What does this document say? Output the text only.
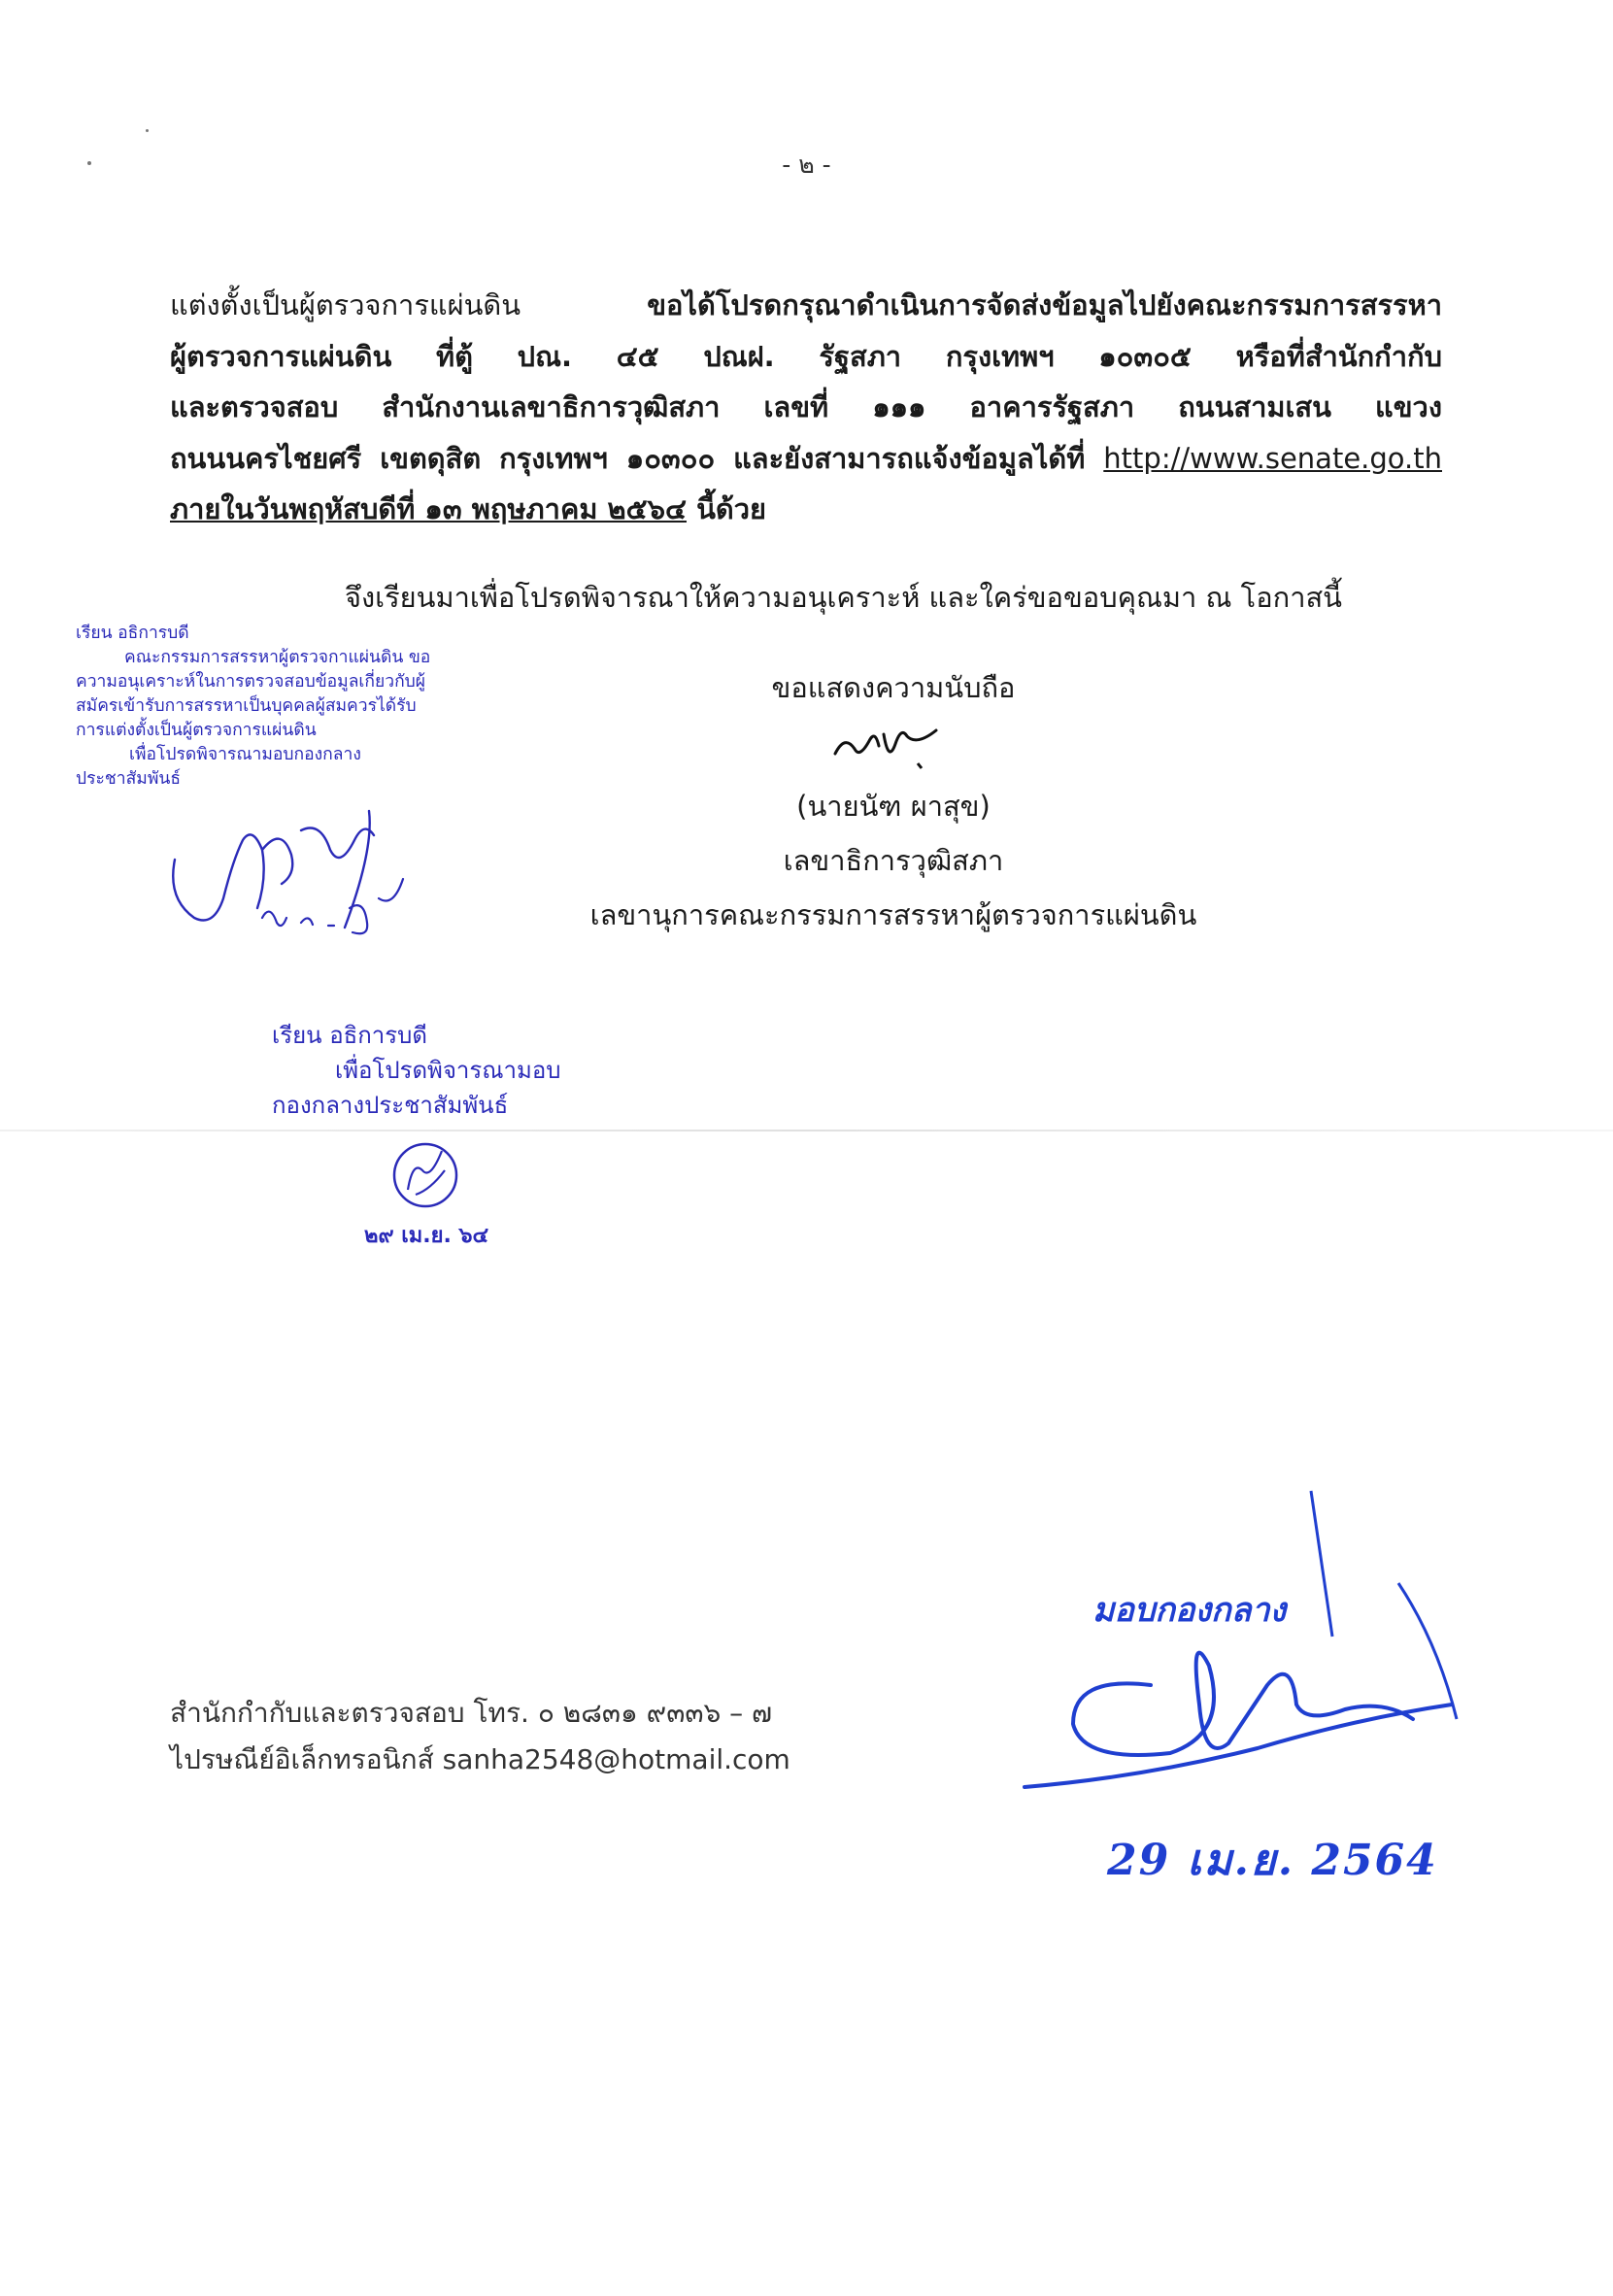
- ๒ -
แต่งตั้งเป็นผู้ตรวจการแผ่นดิน ขอได้โปรดกรุณาดำเนินการจัดส่งข้อมูลไปยังคณะกรรมการสรรหา
ผู้ตรวจการแผ่นดิน ที่ตู้ ปณ. ๔๕ ปณฝ. รัฐสภา กรุงเทพฯ ๑๐๓๐๕ หรือที่สำนักกำกับ
และตรวจสอบ สำนักงานเลขาธิการวุฒิสภา เลขที่ ๑๑๑ อาคารรัฐสภา ถนนสามเสน แขวง
ถนนนครไชยศรี เขตดุสิต กรุงเทพฯ ๑๐๓๐๐ และยังสามารถแจ้งข้อมูลได้ที่ http://www.senate.go.th
ภายในวันพฤหัสบดีที่ ๑๓ พฤษภาคม ๒๕๖๔ นี้ด้วย
จึงเรียนมาเพื่อโปรดพิจารณาให้ความอนุเคราะห์ และใคร่ขอขอบคุณมา ณ โอกาสนี้
ขอแสดงความนับถือ
(นายนัฑ ผาสุข)
เลขาธิการวุฒิสภา
เลขานุการคณะกรรมการสรรหาผู้ตรวจการแผ่นดิน
เรียน อธิการบดี
คณะกรรมการสรรหาผู้ตรวจกาแผ่นดิน ขอ
ความอนุเคราะห์ในการตรวจสอบข้อมูลเกี่ยวกับผู้
สมัครเข้ารับการสรรหาเป็นบุคคลผู้สมควรได้รับ
การแต่งตั้งเป็นผู้ตรวจการแผ่นดิน
เพื่อโปรดพิจารณามอบกองกลาง
ประชาสัมพันธ์
เรียน อธิการบดี
เพื่อโปรดพิจารณามอบ
กองกลางประชาสัมพันธ์
๒๙ เม.ย. ๖๔
สำนักกำกับและตรวจสอบ โทร. ๐ ๒๘๓๑ ๙๓๓๖ – ๗
ไปรษณีย์อิเล็กทรอนิกส์ sanha2548@hotmail.com
มอบกองกลาง
29 เม.ย. 2564
